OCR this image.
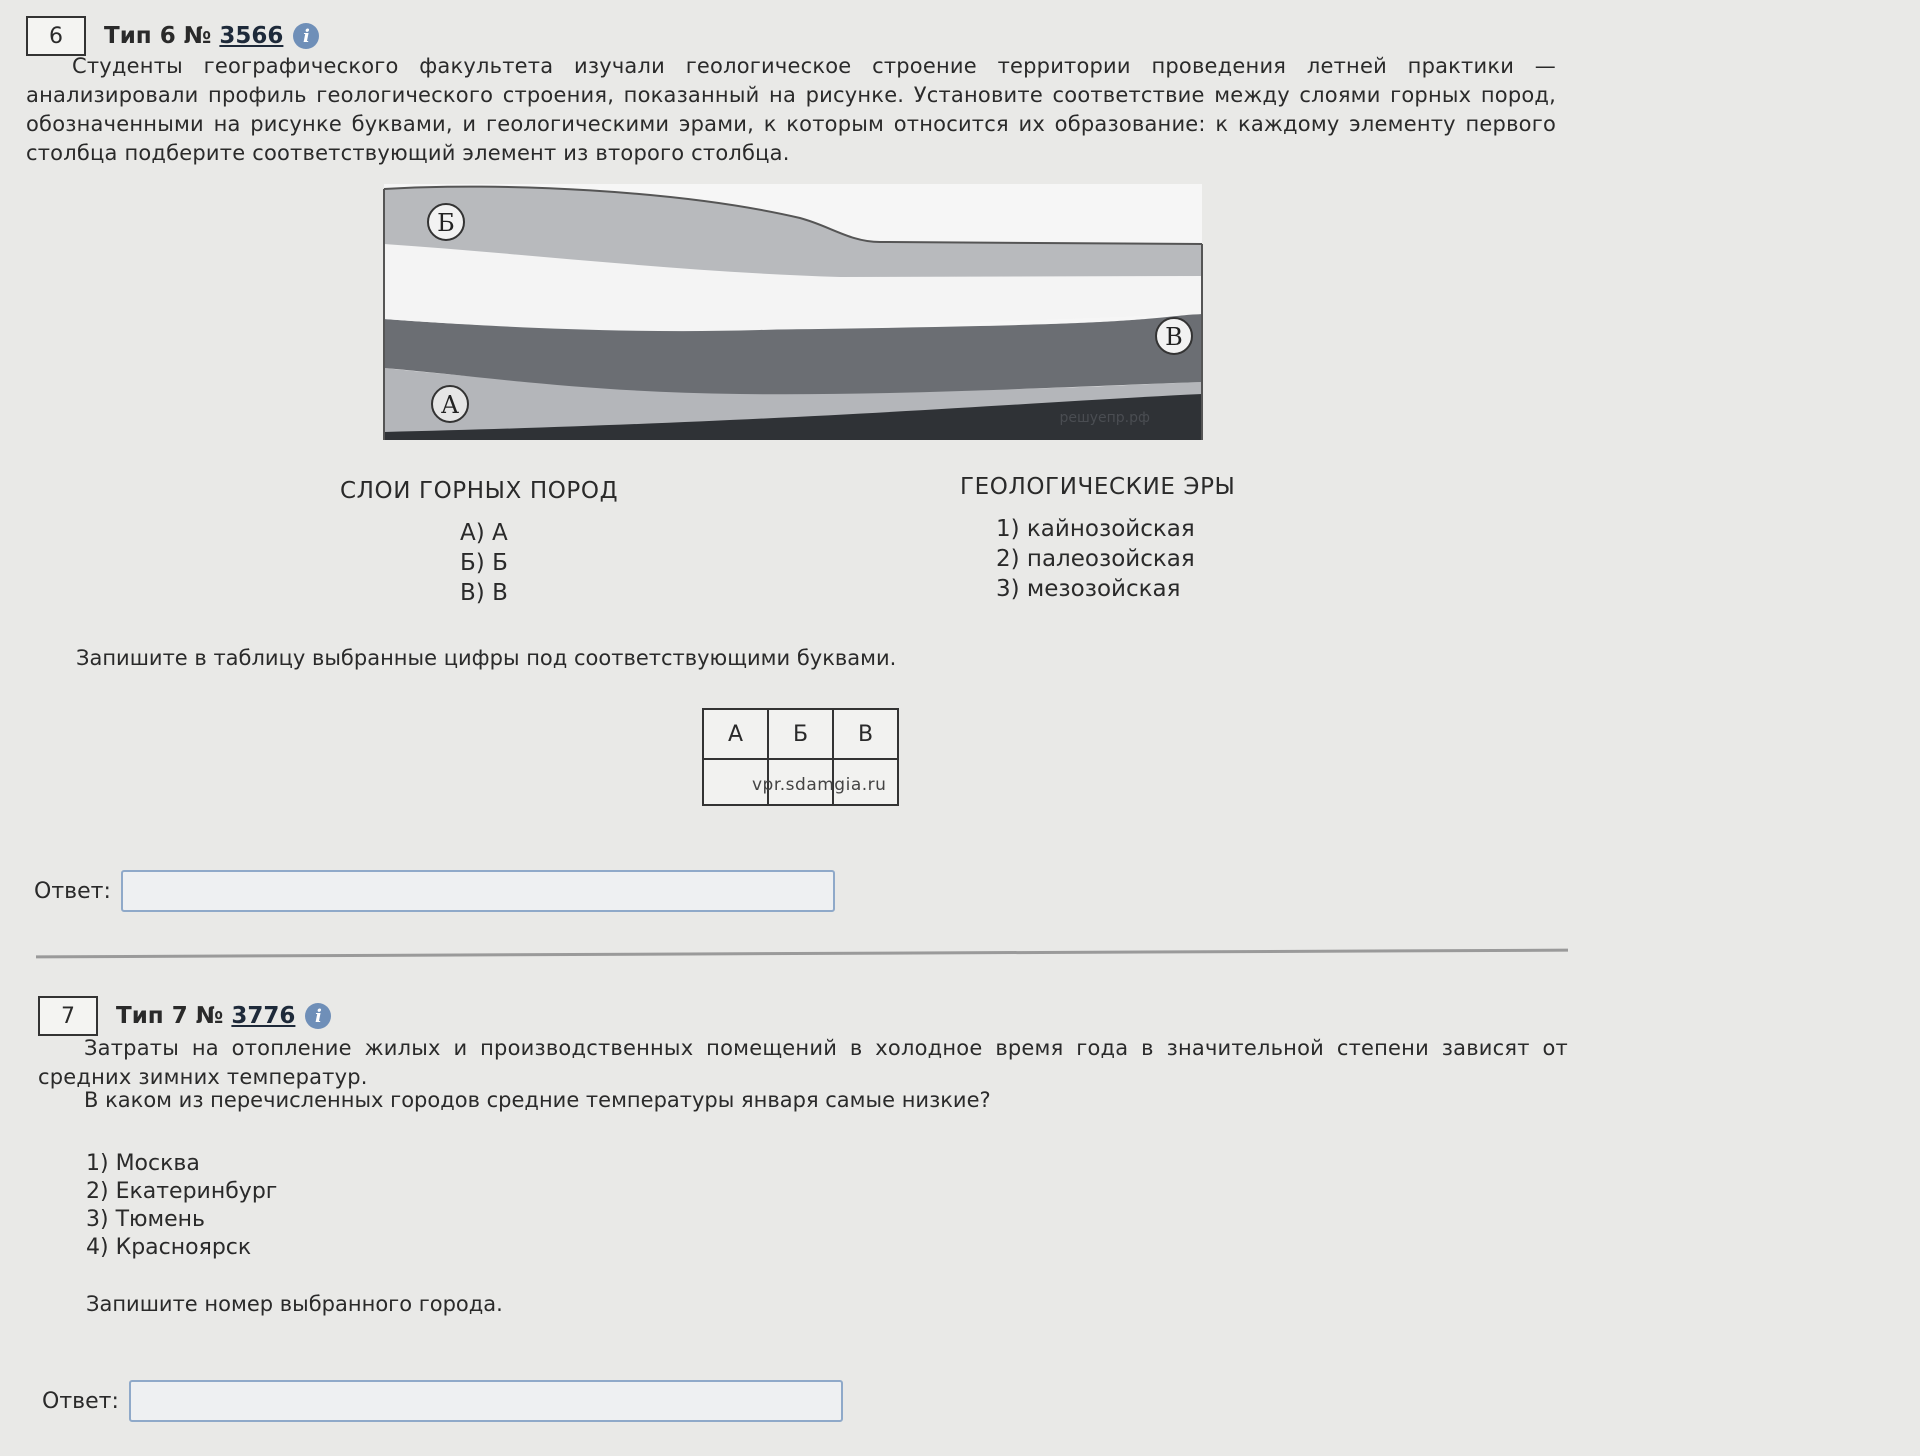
6	Тип 6 № 3566	i
Студенты географического факультета изучали геологическое строение территории проведения летней практики — анализировали профиль геологического строения, показанный на рисунке. Установите соответствие между слоями горных пород, обозначенными на рисунке буквами, и геологическими эрами, к которым относится их образование: к каждому элементу первого столбца подберите соответствующий элемент из второго столбца.
Б
В
А	решуепр.рф
СЛОИ ГОРНЫХ ПОРОД
А) А
Б) Б
В) В
ГЕОЛОГИЧЕСКИЕ ЭРЫ
1) кайнозойская
2) палеозойская
3) мезозойская
Запишите в таблицу выбранные цифры под соответствующими буквами.
А	Б	В

vpr.sdamgia.ru
Ответ:
7	Тип 7 № 3776	i
Затраты на отопление жилых и производственных помещений в холодное время года в значительной степени зависят от средних зимних температур.
В каком из перечисленных городов средние температуры января самые низкие?
1) Москва
2) Екатеринбург
3) Тюмень
4) Красноярск
Запишите номер выбранного города.
Ответ:
